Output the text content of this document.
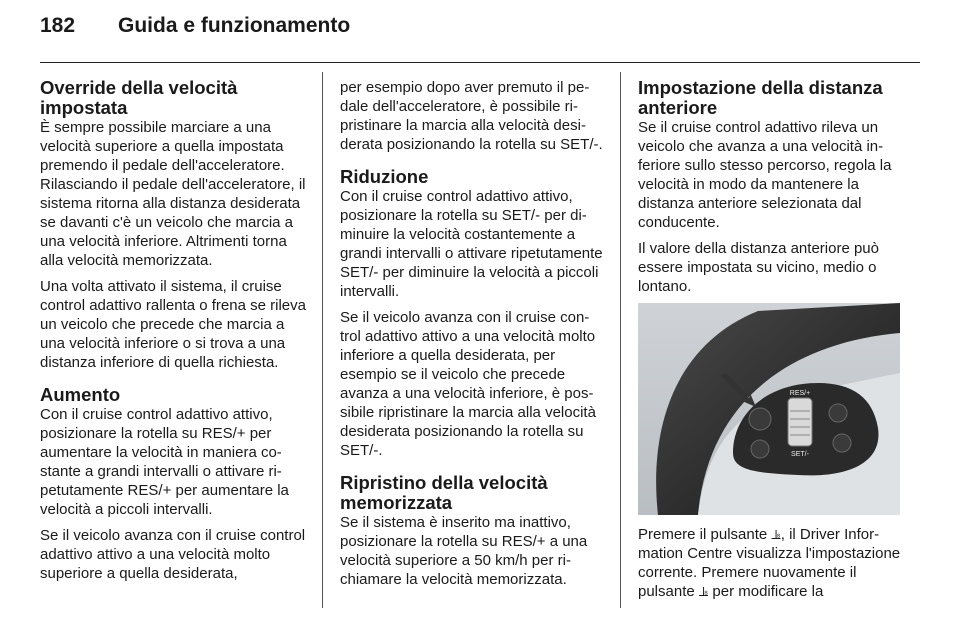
182	Guida e funzionamento
Override della velocità impostata

È sempre possibile marciare a una velocità superiore a quella impostata premendo il pedale dell'acceleratore. Rilasciando il pedale dell'acceleratore, il sistema ritorna alla distanza desiderata se davanti c'è un veicolo che marcia a una velocità inferiore. Altrimenti torna alla velocità memorizzata.

Una volta attivato il sistema, il cruise control adattivo rallenta o frena se rileva un veicolo che precede che marcia a una velocità inferiore o si trova a una distanza inferiore di quella richiesta.

Aumento

Con il cruise control adattivo attivo, posizionare la rotella su RES/+ per aumentare la velocità in maniera costante a grandi intervalli o attivare ripetutamente RES/+ per aumentare la velocità a piccoli intervalli.

Se il veicolo avanza con il cruise control adattivo attivo a una velocità molto superiore a quella desiderata,

per esempio dopo aver premuto il pedale dell'acceleratore, è possibile ripristinare la marcia alla velocità desiderata posizionando la rotella su SET/-.

Riduzione

Con il cruise control adattivo attivo, posizionare la rotella su SET/- per diminuire la velocità costantemente a grandi intervalli o attivare ripetutamente SET/- per diminuire la velocità a piccoli intervalli.

Se il veicolo avanza con il cruise control adattivo attivo a una velocità molto inferiore a quella desiderata, per esempio se il veicolo che precede avanza a una velocità inferiore, è possibile ripristinare la marcia alla velocità desiderata posizionando la rotella su SET/-.

Ripristino della velocità memorizzata

Se il sistema è inserito ma inattivo, posizionare la rotella su RES/+ a una velocità superiore a 50 km/h per richiamare la velocità memorizzata.

Impostazione della distanza anteriore

Se il cruise control adattivo rileva un veicolo che avanza a una velocità inferiore sullo stesso percorso, regola la velocità in modo da mantenere la distanza anteriore selezionata dal conducente.

Il valore della distanza anteriore può essere impostata su vicino, medio o lontano.

RES/+
SET/-

Premere il pulsante ⫡, il Driver Information Centre visualizza l'impostazione corrente. Premere nuovamente il pulsante ⫡ per modificare la
